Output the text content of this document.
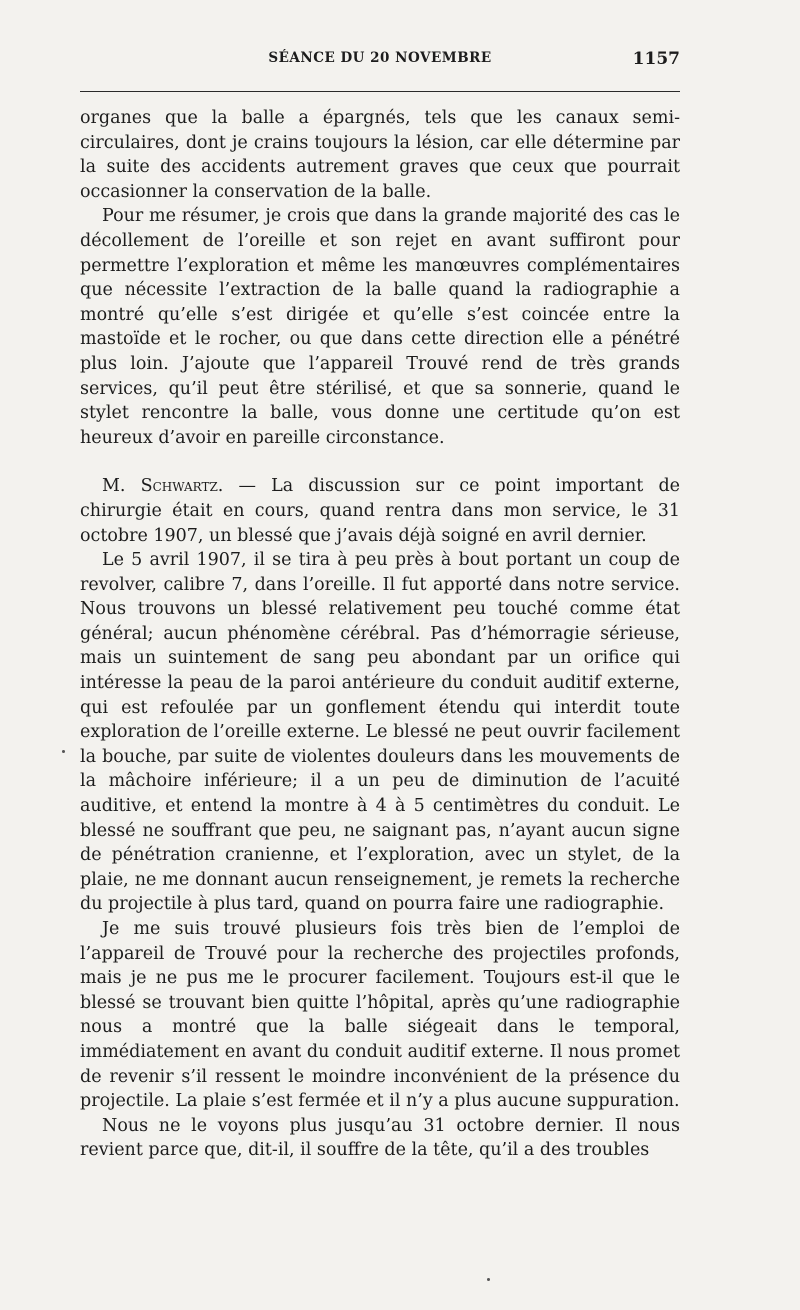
SÉANCE DU 20 NOVEMBRE	1157

organes que la balle a épargnés, tels que les canaux semi-circulaires, dont je crains toujours la lésion, car elle détermine par la suite des accidents autrement graves que ceux que pourrait occasionner la conservation de la balle.

Pour me résumer, je crois que dans la grande majorité des cas le décollement de l’oreille et son rejet en avant suffiront pour permettre l’exploration et même les manœuvres complémentaires que nécessite l’extraction de la balle quand la radiographie a montré qu’elle s’est dirigée et qu’elle s’est coincée entre la mastoïde et le rocher, ou que dans cette direction elle a pénétré plus loin. J’ajoute que l’appareil Trouvé rend de très grands services, qu’il peut être stérilisé, et que sa sonnerie, quand le stylet rencontre la balle, vous donne une certitude qu’on est heureux d’avoir en pareille circonstance.

M. Schwartz. — La discussion sur ce point important de chirurgie était en cours, quand rentra dans mon service, le 31 octobre 1907, un blessé que j’avais déjà soigné en avril dernier.

Le 5 avril 1907, il se tira à peu près à bout portant un coup de revolver, calibre 7, dans l’oreille. Il fut apporté dans notre service. Nous trouvons un blessé relativement peu touché comme état général; aucun phénomène cérébral. Pas d’hémorragie sérieuse, mais un suintement de sang peu abondant par un orifice qui intéresse la peau de la paroi antérieure du conduit auditif externe, qui est refoulée par un gonflement étendu qui interdit toute exploration de l’oreille externe. Le blessé ne peut ouvrir facilement la bouche, par suite de violentes douleurs dans les mouvements de la mâchoire inférieure; il a un peu de diminution de l’acuité auditive, et entend la montre à 4 à 5 centimètres du conduit. Le blessé ne souffrant que peu, ne saignant pas, n’ayant aucun signe de pénétration cranienne, et l’exploration, avec un stylet, de la plaie, ne me donnant aucun renseignement, je remets la recherche du projectile à plus tard, quand on pourra faire une radiographie.

Je me suis trouvé plusieurs fois très bien de l’emploi de l’appareil de Trouvé pour la recherche des projectiles profonds, mais je ne pus me le procurer facilement. Toujours est-il que le blessé se trouvant bien quitte l’hôpital, après qu’une radiographie nous a montré que la balle siégeait dans le temporal, immédiatement en avant du conduit auditif externe. Il nous promet de revenir s’il ressent le moindre inconvénient de la présence du projectile. La plaie s’est fermée et il n’y a plus aucune suppuration.

Nous ne le voyons plus jusqu’au 31 octobre dernier. Il nous revient parce que, dit-il, il souffre de la tête, qu’il a des troubles
